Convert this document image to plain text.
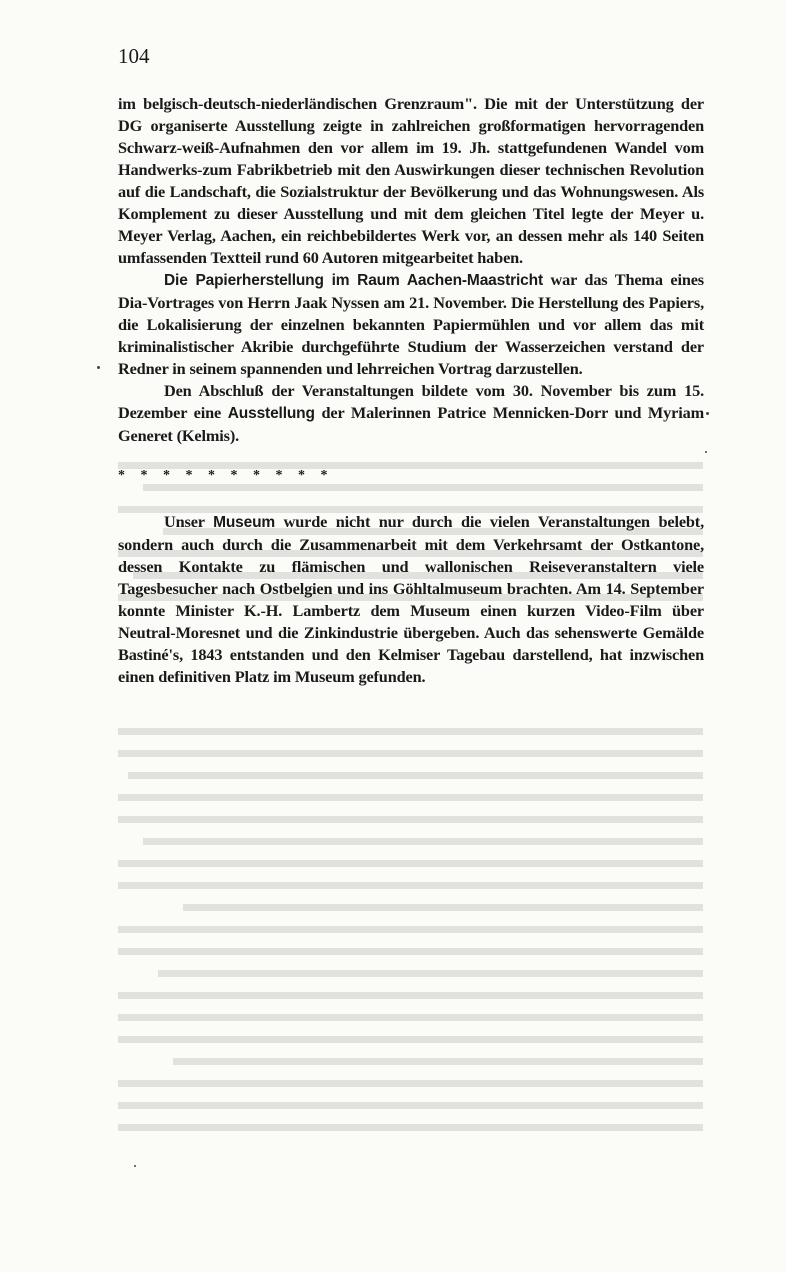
104

im belgisch-deutsch-niederländischen Grenzraum". Die mit der Unterstützung der DG organiserte Ausstellung zeigte in zahlreichen großformatigen hervorragenden Schwarz-weiß-Aufnahmen den vor allem im 19. Jh. stattgefundenen Wandel vom Handwerks-zum Fabrikbetrieb mit den Auswirkungen dieser technischen Revolution auf die Landschaft, die Sozialstruktur der Bevölkerung und das Wohnungswesen. Als Komplement zu dieser Ausstellung und mit dem gleichen Titel legte der Meyer u. Meyer Verlag, Aachen, ein reichbebildertes Werk vor, an dessen mehr als 140 Seiten umfassenden Textteil rund 60 Autoren mitgearbeitet haben.

Die Papierherstellung im Raum Aachen-Maastricht war das Thema eines Dia-Vortrages von Herrn Jaak Nyssen am 21. November. Die Herstellung des Papiers, die Lokalisierung der einzelnen bekannten Papiermühlen und vor allem das mit kriminalistischer Akribie durchgeführte Studium der Wasserzeichen verstand der Redner in seinem spannenden und lehrreichen Vortrag darzustellen.

Den Abschluß der Veranstaltungen bildete vom 30. November bis zum 15. Dezember eine Ausstellung der Malerinnen Patrice Mennicken-Dorr und Myriam Generet (Kelmis).

* * * * * * * * * *

Unser Museum wurde nicht nur durch die vielen Veranstaltungen belebt, sondern auch durch die Zusammenarbeit mit dem Verkehrsamt der Ostkantone, dessen Kontakte zu flämischen und wallonischen Reiseveranstaltern viele Tagesbesucher nach Ostbelgien und ins Göhltalmuseum brachten. Am 14. September konnte Minister K.-H. Lambertz dem Museum einen kurzen Video-Film über Neutral-Moresnet und die Zinkindustrie übergeben. Auch das sehenswerte Gemälde Bastiné's, 1843 entstanden und den Kelmiser Tagebau darstellend, hat inzwischen einen definitiven Platz im Museum gefunden.
